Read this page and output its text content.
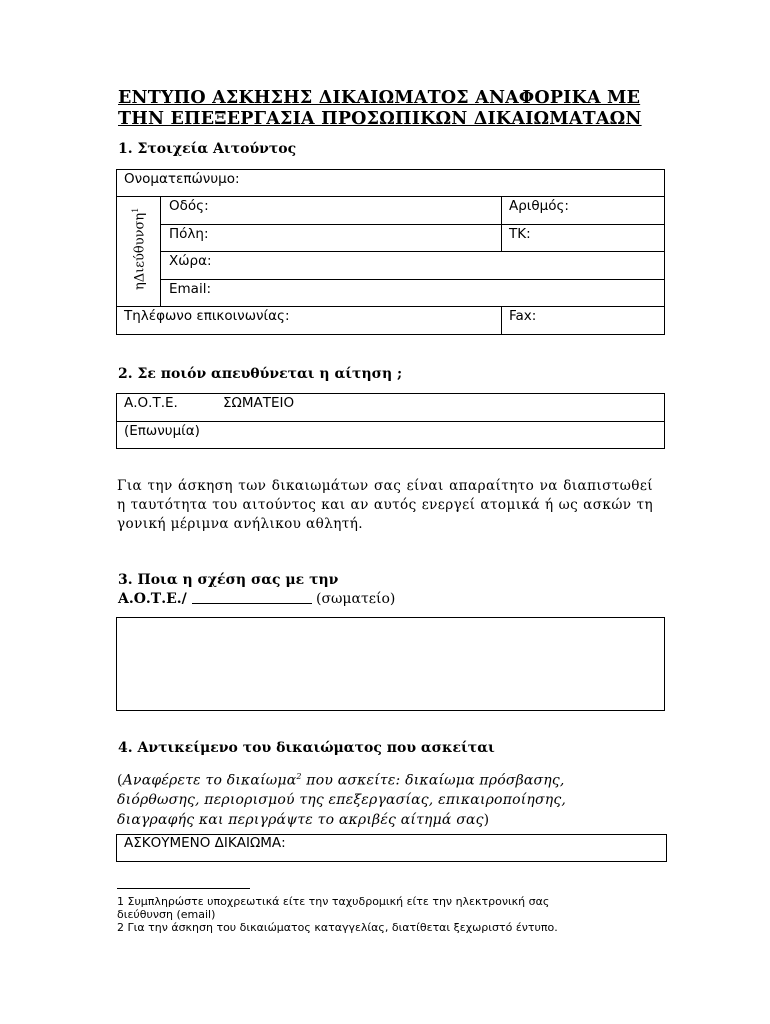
ΕΝΤΥΠΟ ΑΣΚΗΣΗΣ ΔΙΚΑΙΩΜΑΤΟΣ ΑΝΑΦΟΡΙΚΑ ΜΕ
ΤΗΝ ΕΠΕΞΕΡΓΑΣΙΑ ΠΡΟΣΩΠΙΚΩΝ ΔΙΚΑΙΩΜΑΤΑΩΝ
1. Στοιχεία Αιτούντος
Ονοματεπώνυμο:
ηΔιεύθυνση$^1$	Οδός:	Αριθμός:
Πόλη:	ΤΚ:
Χώρα:
Email:
Τηλέφωνο επικοινωνίας:	Fax:
2. Σε ποιόν απευθύνεται η αίτηση ;
Α.Ο.Τ.Ε.	ΣΩΜΑΤΕΙΟ
(Επωνυμία)
Για την άσκηση των δικαιωμάτων σας είναι απαραίτητο να διαπιστωθεί η ταυτότητα του αιτούντος και αν αυτός ενεργεί ατομικά ή ως ασκών τη γονική μέριμνα ανήλικου αθλητή.
3. Ποια η σχέση σας με την
Α.Ο.Τ.Ε./	(σωματείο)
4. Αντικείμενο του δικαιώματος που ασκείται
(Αναφέρετε το δικαίωμα$^2$ που ασκείτε: δικαίωμα πρόσβασης,
διόρθωσης, περιορισμού της επεξεργασίας, επικαιροποίησης,
διαγραφής και περιγράψτε το ακριβές αίτημά σας)
ΑΣΚΟΥΜΕΝΟ ΔΙΚΑΙΩΜΑ:
1 Συμπληρώστε υποχρεωτικά είτε την ταχυδρομική είτε την ηλεκτρονική σας
διεύθυνση (email)
2 Για την άσκηση του δικαιώματος καταγγελίας, διατίθεται ξεχωριστό έντυπο.
